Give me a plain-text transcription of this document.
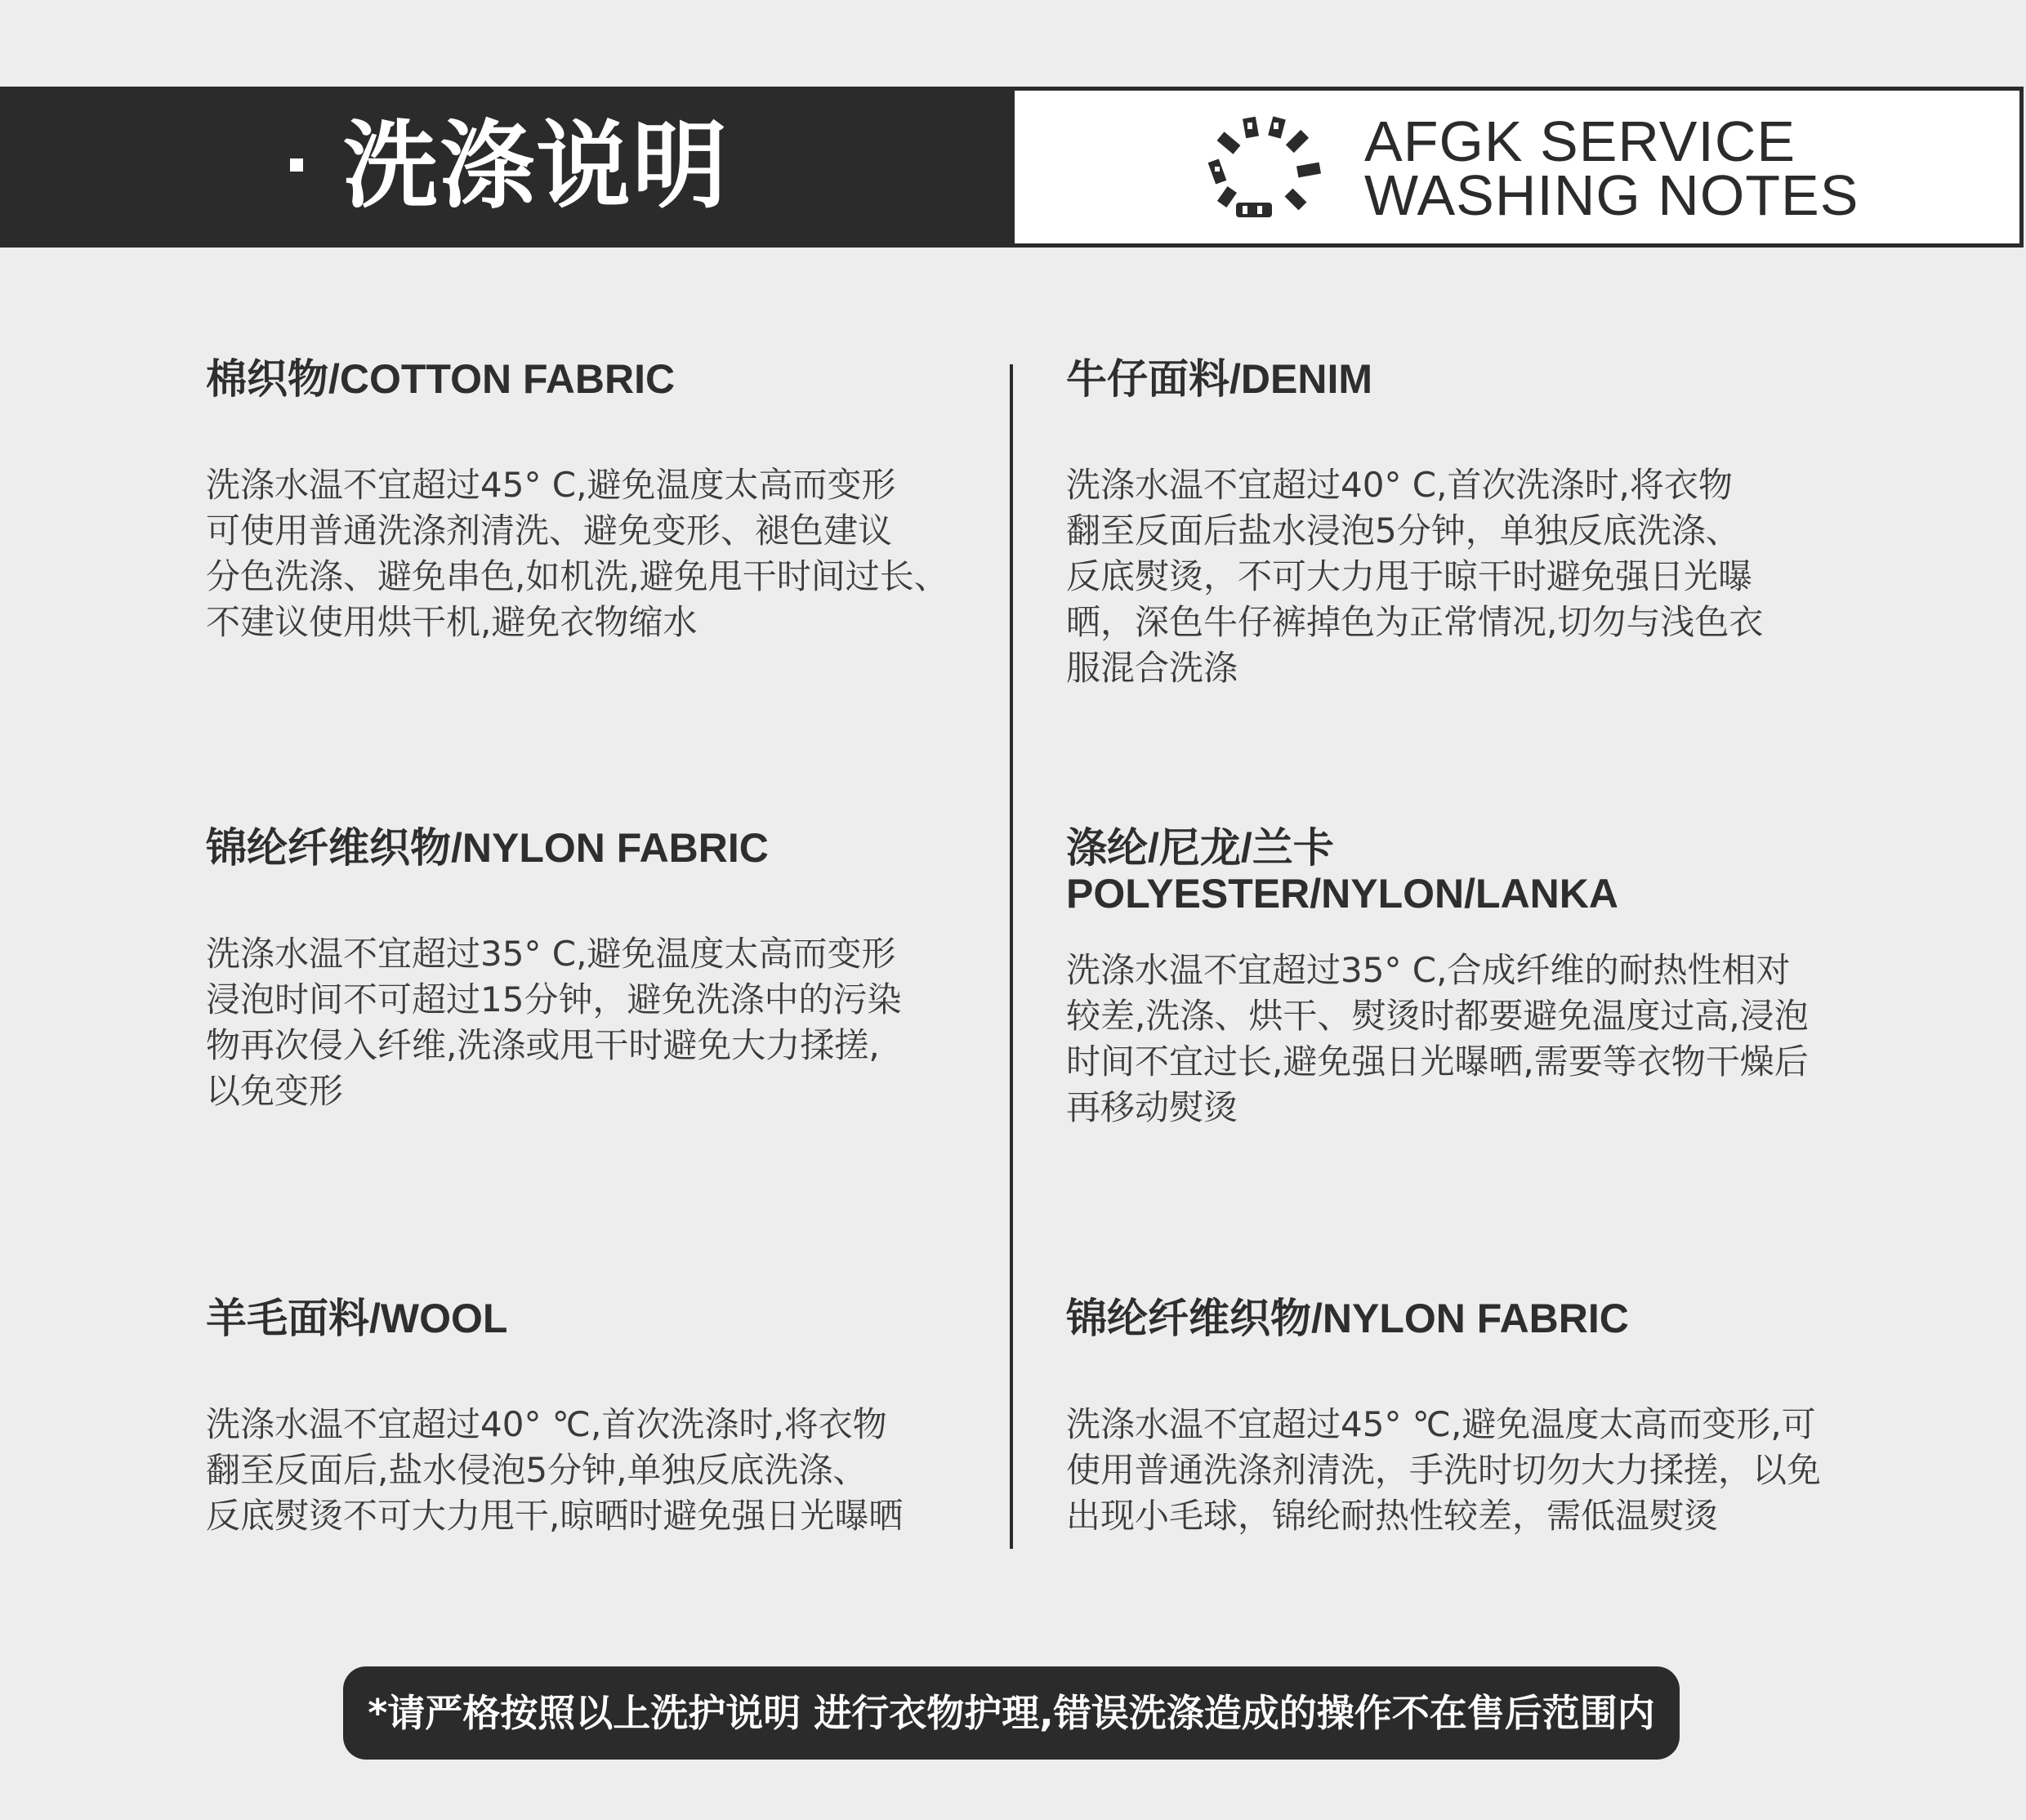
洗涤说明	AFGK SERVICE
WASHING NOTES
棉织物/COTTON FABRIC
洗涤水温不宜超过45° C,避免温度太高而变形
可使用普通洗涤剂清洗、避免变形、褪色建议
分色洗涤、避免串色,如机洗,避免甩干时间过长、
不建议使用烘干机,避免衣物缩水
牛仔面料/DENIM
洗涤水温不宜超过40° C,首次洗涤时,将衣物
翻至反面后盐水浸泡5分钟，单独反底洗涤、
反底熨烫，不可大力甩于晾干时避免强日光曝
晒，深色牛仔裤掉色为正常情况,切勿与浅色衣
服混合洗涤
锦纶纤维织物/NYLON FABRIC
洗涤水温不宜超过35° C,避免温度太高而变形
浸泡时间不可超过15分钟，避免洗涤中的污染
物再次侵入纤维,洗涤或甩干时避免大力揉搓,
以免变形
涤纶/尼龙/兰卡
POLYESTER/NYLON/LANKA
洗涤水温不宜超过35° C,合成纤维的耐热性相对
较差,洗涤、烘干、熨烫时都要避免温度过高,浸泡
时间不宜过长,避免强日光曝晒,需要等衣物干燥后
再移动熨烫
羊毛面料/WOOL
洗涤水温不宜超过40° ℃,首次洗涤时,将衣物
翻至反面后,盐水侵泡5分钟,单独反底洗涤、
反底熨烫不可大力甩干,晾晒时避免强日光曝晒
锦纶纤维织物/NYLON FABRIC
洗涤水温不宜超过45° ℃,避免温度太高而变形,可
使用普通洗涤剂清洗，手洗时切勿大力揉搓，以免
出现小毛球，锦纶耐热性较差，需低温熨烫
*请严格按照以上洗护说明 进行衣物护理,错误洗涤造成的操作不在售后范围内
